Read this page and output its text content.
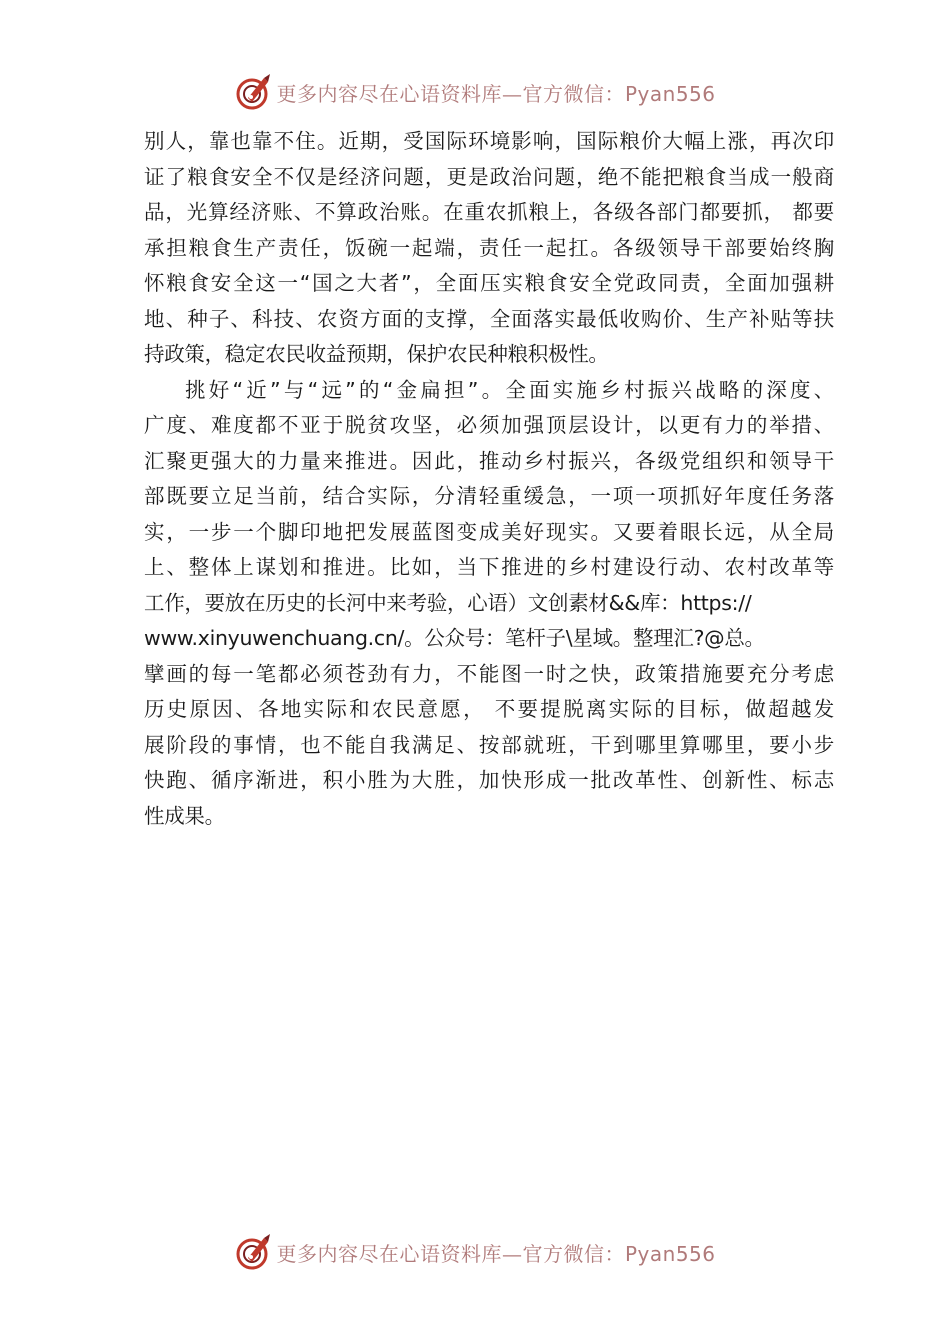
更多内容尽在心语资料库—官方微信：Pyan556
别人，靠也靠不住。近期，受国际环境影响，国际粮价大幅上涨，再次印
证了粮食安全不仅是经济问题，更是政治问题，绝不能把粮食当成一般商
品，光算经济账、不算政治账。在重农抓粮上，各级各部门都要抓， 都要
承担粮食生产责任，饭碗一起端，责任一起扛。各级领导干部要始终胸
怀粮食安全这一“国之大者”，全面压实粮食安全党政同责，全面加强耕
地、种子、科技、农资方面的支撑，全面落实最低收购价、生产补贴等扶
持政策，稳定农民收益预期，保护农民种粮积极性。
挑好“近”与“远”的“金扁担”。全面实施乡村振兴战略的深度、
广度、难度都不亚于脱贫攻坚，必须加强顶层设计，以更有力的举措、
汇聚更强大的力量来推进。因此，推动乡村振兴，各级党组织和领导干
部既要立足当前，结合实际，分清轻重缓急，一项一项抓好年度任务落
实，一步一个脚印地把发展蓝图变成美好现实。又要着眼长远，从全局
上、整体上谋划和推进。比如，当下推进的乡村建设行动、农村改革等
工作，要放在历史的长河中来考验，心语）文创素材&&库：https://
www.xinyuwenchuang.cn/。公众号：笔杆子\星域。整理汇?@总。
擘画的每一笔都必须苍劲有力，不能图一时之快，政策措施要充分考虑
历史原因、各地实际和农民意愿， 不要提脱离实际的目标，做超越发
展阶段的事情，也不能自我满足、按部就班，干到哪里算哪里，要小步
快跑、循序渐进，积小胜为大胜，加快形成一批改革性、创新性、标志
性成果。
更多内容尽在心语资料库—官方微信：Pyan556
